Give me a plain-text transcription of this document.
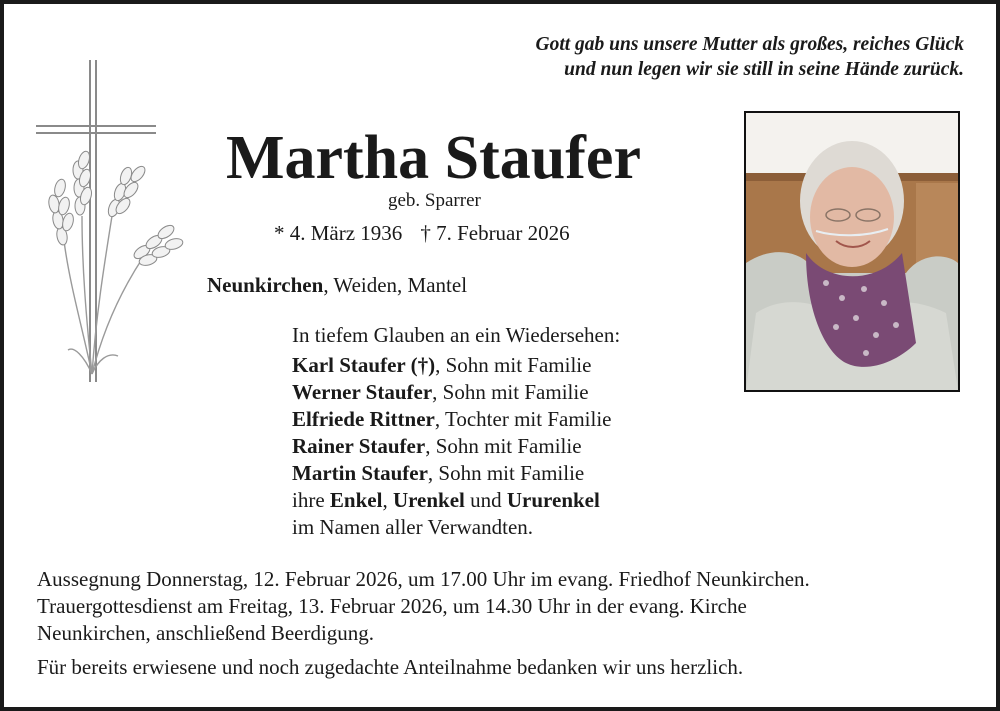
Gott gab uns unsere Mutter als großes, reiches Glück
und nun legen wir sie still in seine Hände zurück.
Martha Staufer
geb. Sparrer
* 4. März 1936 † 7. Februar 2026
Neunkirchen, Weiden, Mantel
In tiefem Glauben an ein Wiedersehen:
Karl Staufer (†), Sohn mit Familie
Werner Staufer, Sohn mit Familie
Elfriede Rittner, Tochter mit Familie
Rainer Staufer, Sohn mit Familie
Martin Staufer, Sohn mit Familie
ihre Enkel, Urenkel und Ururenkel
im Namen aller Verwandten.
Aussegnung Donnerstag, 12. Februar 2026, um 17.00 Uhr im evang. Friedhof Neunkirchen.
Trauergottesdienst am Freitag, 13. Februar 2026, um 14.30 Uhr in der evang. Kirche
Neunkirchen, anschließend Beerdigung.
Für bereits erwiesene und noch zugedachte Anteilnahme bedanken wir uns herzlich.
